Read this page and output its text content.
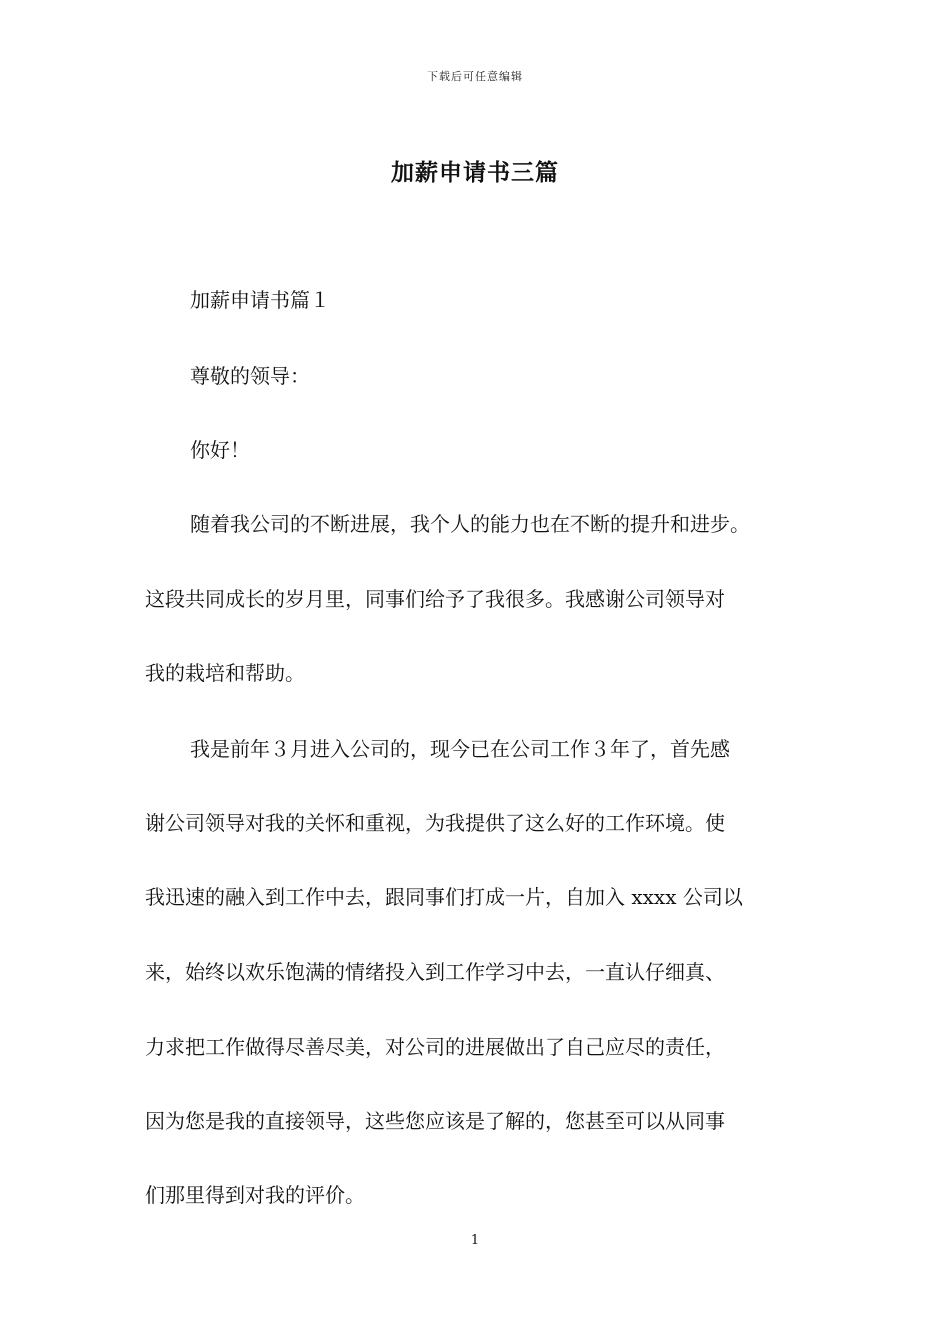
下载后可任意编辑
加薪申请书三篇
加薪申请书篇１
尊敬的领导：
你好！
随着我公司的不断进展，我个人的能力也在不断的提升和进步。
这段共同成长的岁月里，同事们给予了我很多。我感谢公司领导对
我的栽培和帮助。
我是前年３月进入公司的，现今已在公司工作３年了，首先感
谢公司领导对我的关怀和重视，为我提供了这么好的工作环境。使
我迅速的融入到工作中去，跟同事们打成一片，自加入 xxxx 公司以
来，始终以欢乐饱满的情绪投入到工作学习中去，一直认仔细真、
力求把工作做得尽善尽美，对公司的进展做出了自己应尽的责任，
因为您是我的直接领导，这些您应该是了解的，您甚至可以从同事
们那里得到对我的评价。
1
